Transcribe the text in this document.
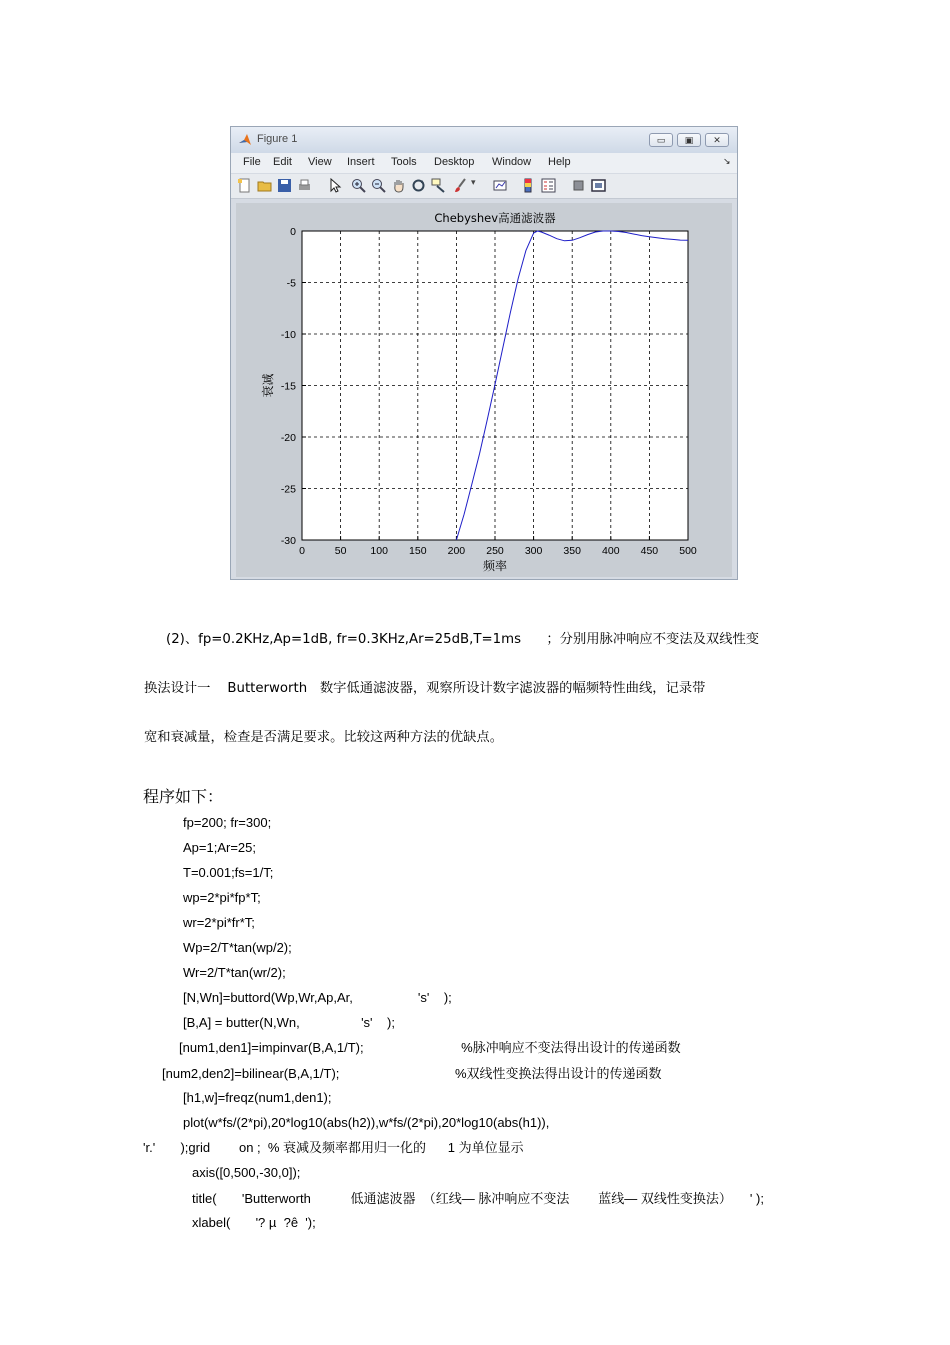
Figure 1	▭	▣	✕
File Edit View Insert Tools Desktop Window Help	↘
▾
0	50 100 150 200 250 300 350 400 450 500
0
-5
-10
-15
-20
-25
-30
Chebyshev高通滤波器
频率
衰减
(2)、fp=0.2KHz,Ap=1dB, fr=0.3KHz,Ar=25dB,T=1ms      ；分别用脉冲响应不变法及双线性变
换法设计一    Butterworth   数字低通滤波器，观察所设计数字滤波器的幅频特性曲线，记录带
宽和衰减量，检查是否满足要求。比较这两种方法的优缺点。
程序如下：
fp=200; fr=300;
Ap=1;Ar=25;
T=0.001;fs=1/T;
wp=2*pi*fp*T;
wr=2*pi*fr*T;
Wp=2/T*tan(wp/2);
Wr=2/T*tan(wr/2);
[N,Wn]=buttord(Wp,Wr,Ap,Ar,                  's'    );
[B,A] = butter(N,Wn,                 's'    );
[num1,den1]=impinvar(B,A,1/T);                           %脉冲响应不变法得出设计的传递函数
[num2,den2]=bilinear(B,A,1/T);                                %双线性变换法得出设计的传递函数
[h1,w]=freqz(num1,den1);
plot(w*fs/(2*pi),20*log10(abs(h2)),w*fs/(2*pi),20*log10(abs(h1)),
'r.'       );grid        on ;  % 衰减及频率都用归一化的      1 为单位显示
axis([0,500,-30,0]);
title(       'Butterworth           低通滤波器  （红线— 脉冲响应不变法        蓝线— 双线性变换法）     ' );
xlabel(       '? µ  ?ê  ');
